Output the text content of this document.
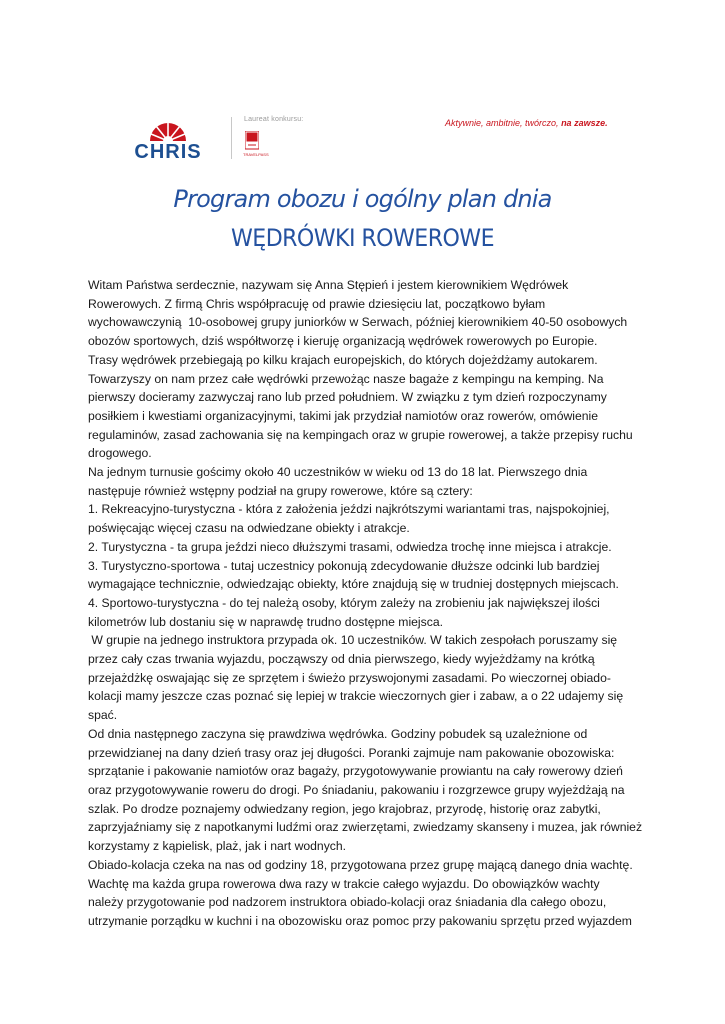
CHRIS
Laureat konkursu:
TRAVELPASS
Aktywnie, ambitnie, twórczo, na zawsze.
Program obozu i ogólny plan dnia
WĘDRÓWKI ROWEROWE

Witam Państwa serdecznie, nazywam się Anna Stępień i jestem kierownikiem Wędrówek

Rowerowych. Z firmą Chris współpracuję od prawie dziesięciu lat, początkowo byłam

wychowawczynią  10-osobowej grupy juniorków w Serwach, później kierownikiem 40-50 osobowych

obozów sportowych, dziś współtworzę i kieruję organizacją wędrówek rowerowych po Europie.

Trasy wędrówek przebiegają po kilku krajach europejskich, do których dojeżdżamy autokarem.

Towarzyszy on nam przez całe wędrówki przewożąc nasze bagaże z kempingu na kemping. Na

pierwszy docieramy zazwyczaj rano lub przed południem. W związku z tym dzień rozpoczynamy

posiłkiem i kwestiami organizacyjnymi, takimi jak przydział namiotów oraz rowerów, omówienie

regulaminów, zasad zachowania się na kempingach oraz w grupie rowerowej, a także przepisy ruchu

drogowego.

Na jednym turnusie gościmy około 40 uczestników w wieku od 13 do 18 lat. Pierwszego dnia

następuje również wstępny podział na grupy rowerowe, które są cztery:

1. Rekreacyjno-turystyczna - która z założenia jeździ najkrótszymi wariantami tras, najspokojniej,

poświęcając więcej czasu na odwiedzane obiekty i atrakcje.

2. Turystyczna - ta grupa jeździ nieco dłuższymi trasami, odwiedza trochę inne miejsca i atrakcje.

3. Turystyczno-sportowa - tutaj uczestnicy pokonują zdecydowanie dłuższe odcinki lub bardziej

wymagające technicznie, odwiedzając obiekty, które znajdują się w trudniej dostępnych miejscach.

4. Sportowo-turystyczna - do tej należą osoby, którym zależy na zrobieniu jak największej ilości

kilometrów lub dostaniu się w naprawdę trudno dostępne miejsca.

W grupie na jednego instruktora przypada ok. 10 uczestników. W takich zespołach poruszamy się

przez cały czas trwania wyjazdu, począwszy od dnia pierwszego, kiedy wyjeżdżamy na krótką

przejażdżkę oswajając się ze sprzętem i świeżo przyswojonymi zasadami. Po wieczornej obiado-

kolacji mamy jeszcze czas poznać się lepiej w trakcie wieczornych gier i zabaw, a o 22 udajemy się

spać.

Od dnia następnego zaczyna się prawdziwa wędrówka. Godziny pobudek są uzależnione od

przewidzianej na dany dzień trasy oraz jej długości. Poranki zajmuje nam pakowanie obozowiska:

sprzątanie i pakowanie namiotów oraz bagaży, przygotowywanie prowiantu na cały rowerowy dzień

oraz przygotowywanie roweru do drogi. Po śniadaniu, pakowaniu i rozgrzewce grupy wyjeżdżają na

szlak. Po drodze poznajemy odwiedzany region, jego krajobraz, przyrodę, historię oraz zabytki,

zaprzyjaźniamy się z napotkanymi ludźmi oraz zwierzętami, zwiedzamy skanseny i muzea, jak również

korzystamy z kąpielisk, plaż, jak i nart wodnych.

Obiado-kolacja czeka na nas od godziny 18, przygotowana przez grupę mającą danego dnia wachtę.

Wachtę ma każda grupa rowerowa dwa razy w trakcie całego wyjazdu. Do obowiązków wachty

należy przygotowanie pod nadzorem instruktora obiado-kolacji oraz śniadania dla całego obozu,

utrzymanie porządku w kuchni i na obozowisku oraz pomoc przy pakowaniu sprzętu przed wyjazdem
